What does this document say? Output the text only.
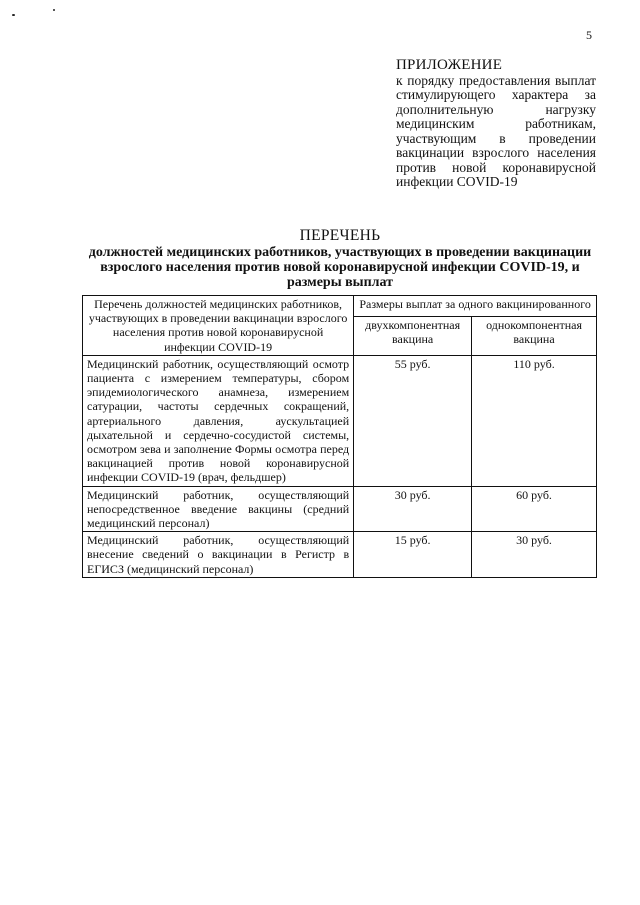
5
ПРИЛОЖЕНИЕ
к порядку предоставления выплат стимулирующего характера за дополнительную нагрузку медицинским работникам, участвующим в проведении вакцинации взрослого населения против новой коронавирусной инфекции COVID-19
ПЕРЕЧЕНЬ
должностей медицинских работников, участвующих в проведении вакцинации взрослого населения против новой коронавирусной инфекции COVID-19, и размеры выплат
Перечень должностей медицинских работников, участвующих в проведении вакцинации взрослого населения против новой коронавирусной инфекции COVID-19	Размеры выплат за одного вакцинированного	
	двухкомпонентная вакцина	однокомпонентная вакцина
Медицинский работник, осуществляющий осмотр пациента с измерением температуры, сбором эпидемиологического анамнеза, измерением сатурации, частоты сердечных сокращений, артериального давления, аускультацией дыхательной и сердечно-сосудистой системы, осмотром зева и заполнение Формы осмотра перед вакцинацией против новой коронавирусной инфекции COVID-19 (врач, фельдшер)	55 руб.	110 руб.
Медицинский работник, осуществляющий непосредственное введение вакцины (средний медицинский персонал)	30 руб.	60 руб.
Медицинский работник, осуществляющий внесение сведений о вакцинации в Регистр в ЕГИСЗ (медицинский персонал)	15 руб.	30 руб.
